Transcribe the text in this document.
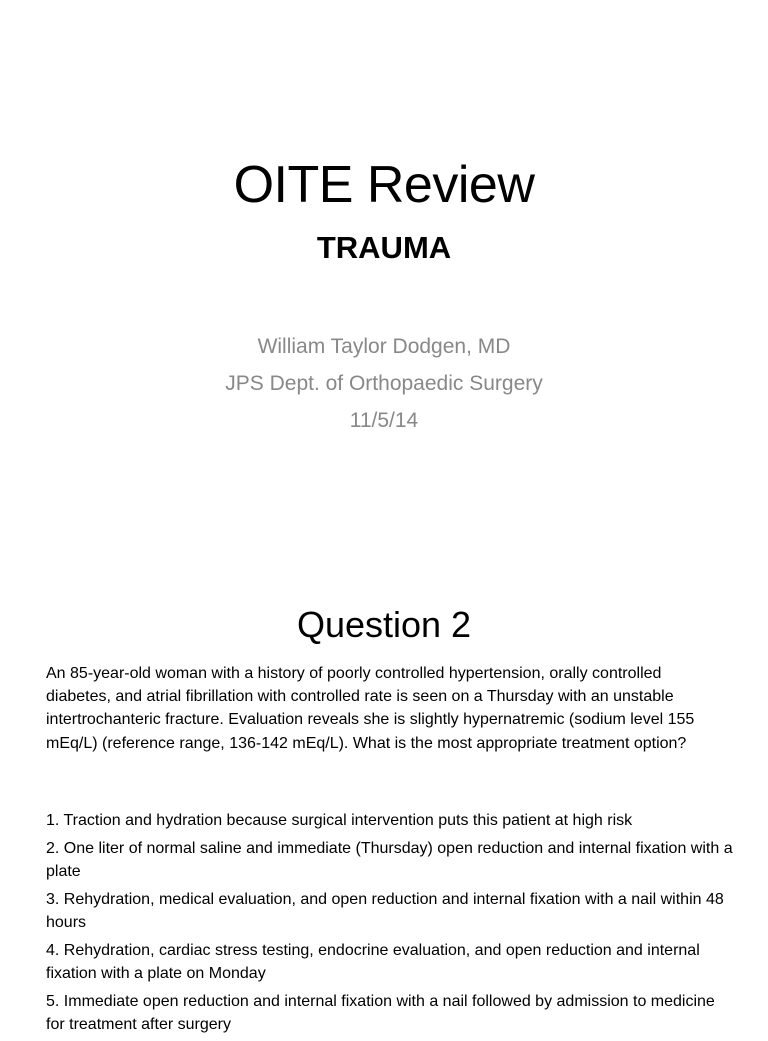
OITE Review
TRAUMA
William Taylor Dodgen, MD
JPS Dept. of Orthopaedic Surgery
11/5/14
Question 2

An 85-year-old woman with a history of poorly controlled hypertension, orally controlled diabetes, and atrial fibrillation with controlled rate is seen on a Thursday with an unstable intertrochanteric fracture. Evaluation reveals she is slightly hypernatremic (sodium level 155 mEq/L) (reference range, 136-142 mEq/L). What is the most appropriate treatment option?

1. Traction and hydration because surgical intervention puts this patient at high risk
2. One liter of normal saline and immediate (Thursday) open reduction and internal fixation with a plate
3. Rehydration, medical evaluation, and open reduction and internal fixation with a nail within 48 hours
4. Rehydration, cardiac stress testing, endocrine evaluation, and open reduction and internal fixation with a plate on Monday
5. Immediate open reduction and internal fixation with a nail followed by admission to medicine for treatment after surgery
